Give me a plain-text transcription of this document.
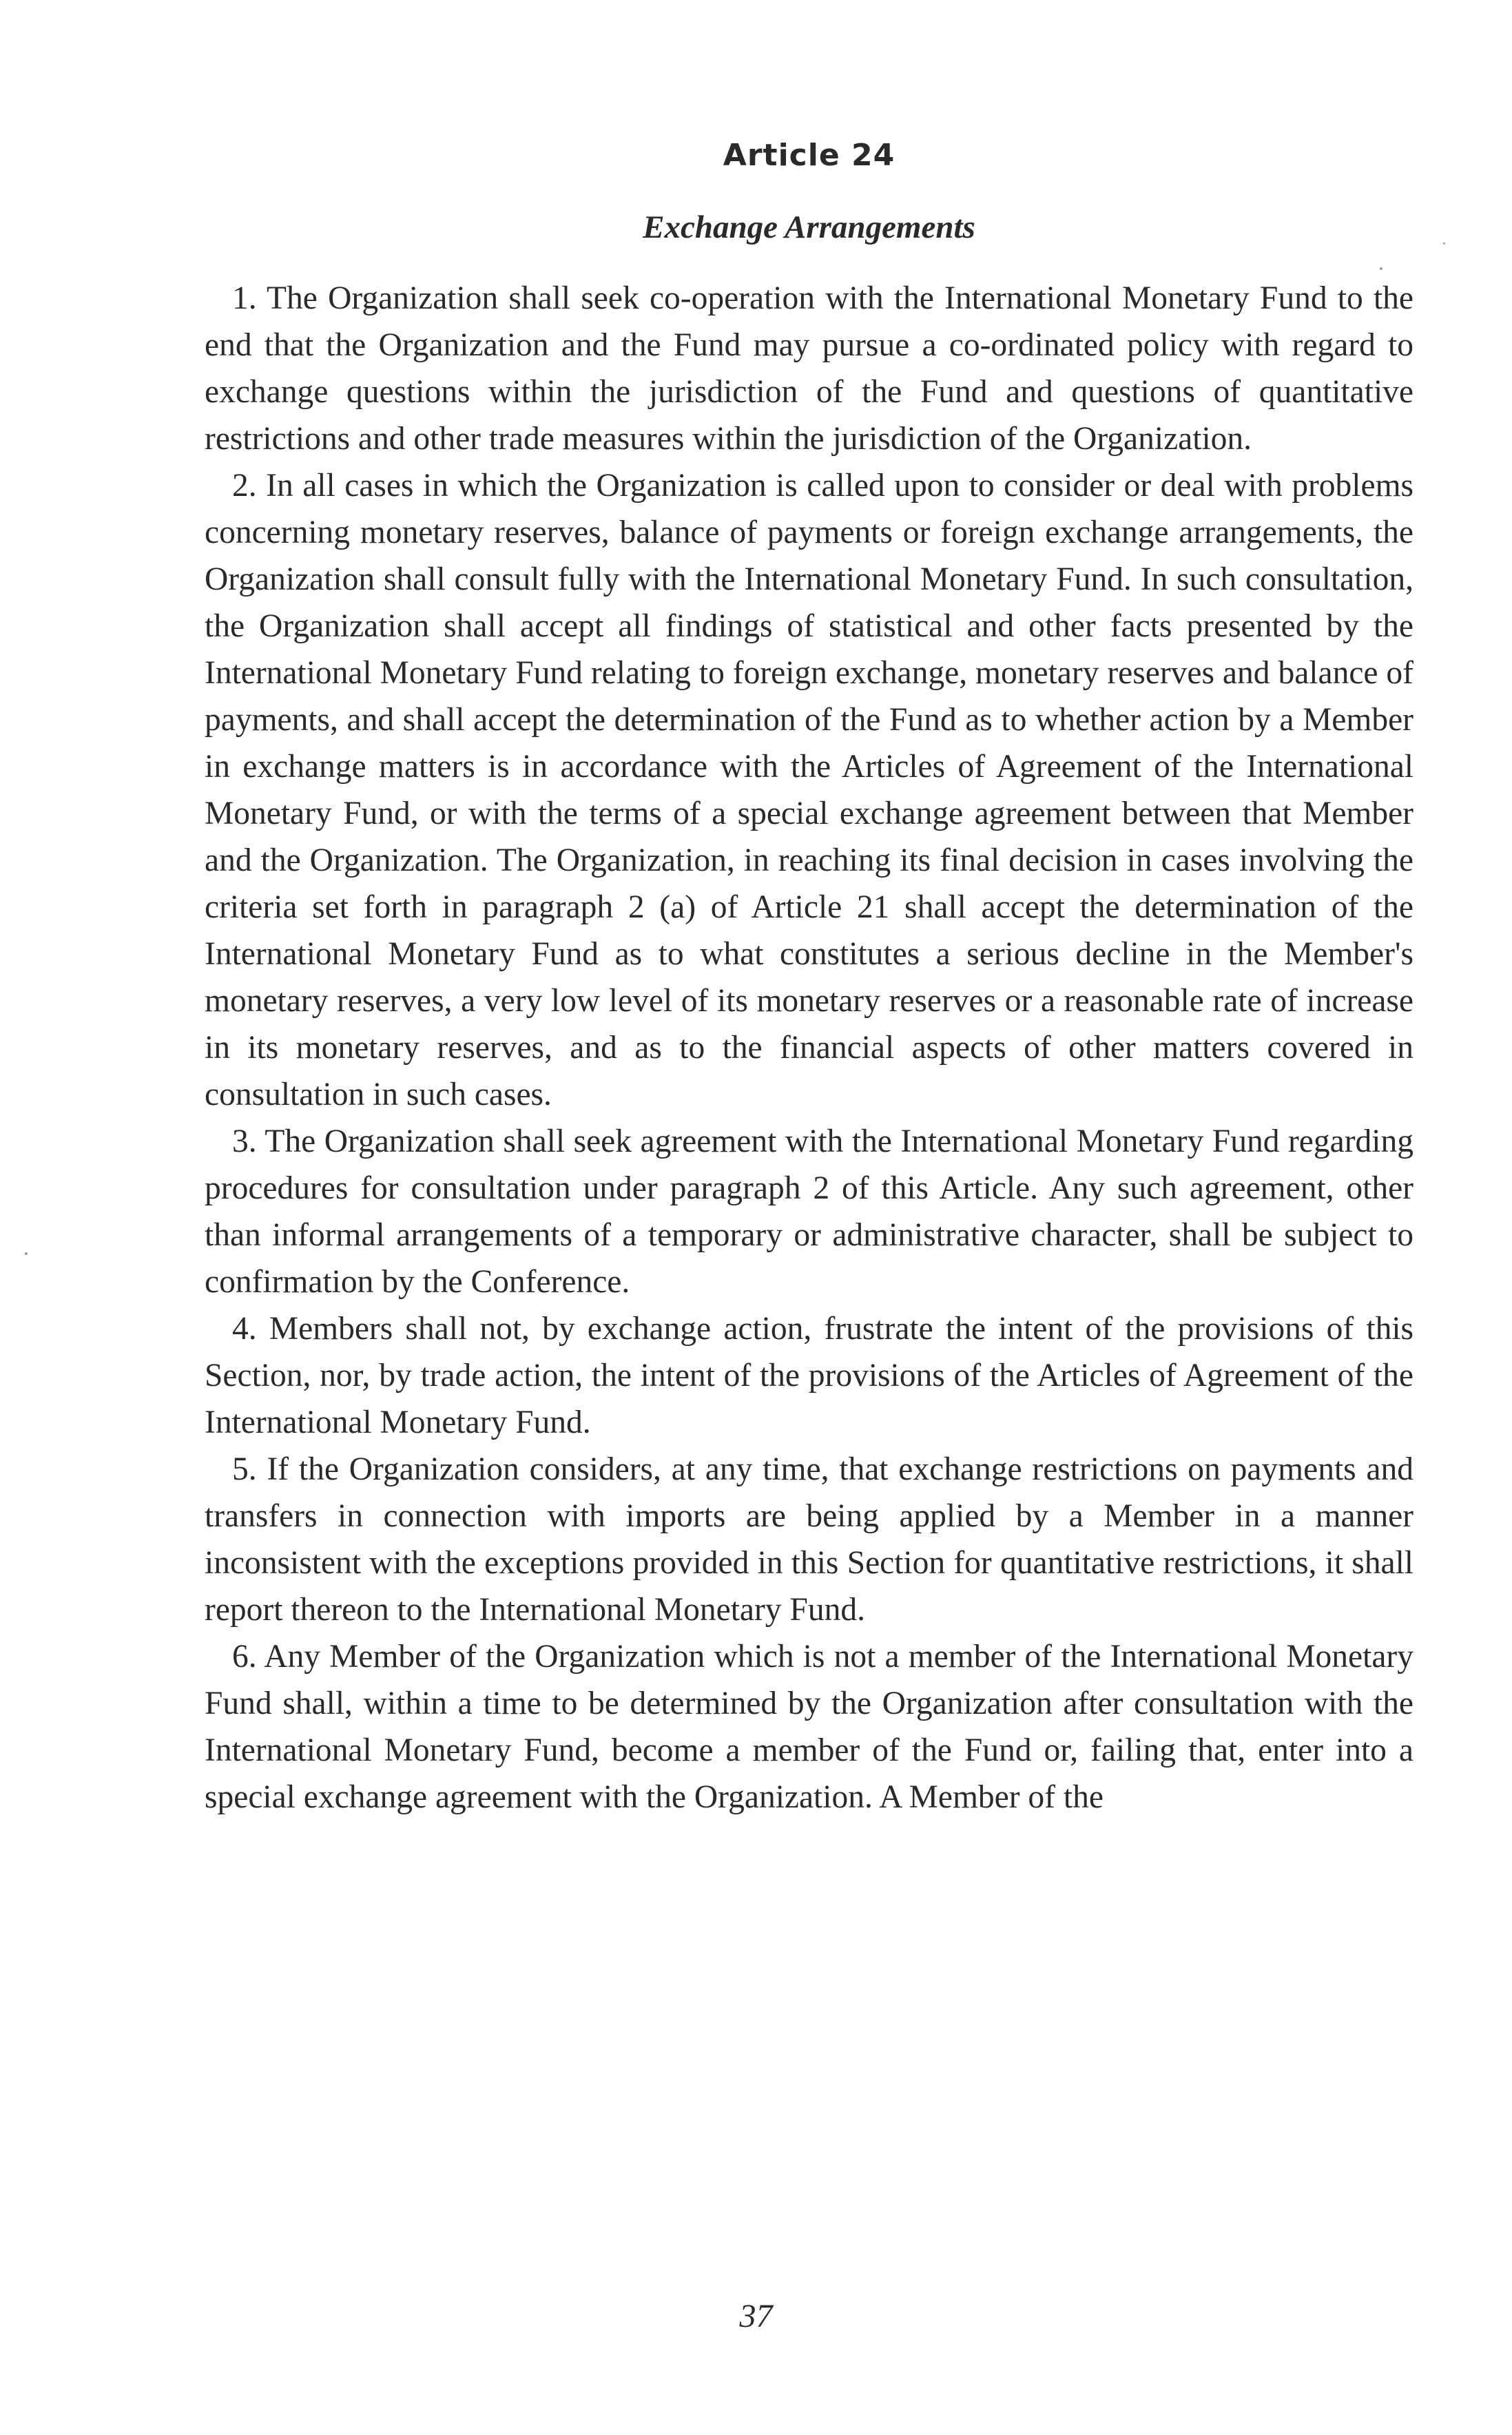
Article 24
Exchange Arrangements

1. The Organization shall seek co-operation with the International Monetary Fund to the end that the Organization and the Fund may pursue a co-ordinated policy with regard to exchange questions within the jurisdiction of the Fund and questions of quantitative restrictions and other trade measures within the jurisdiction of the Organization.

2. In all cases in which the Organization is called upon to consider or deal with problems concerning monetary reserves, balance of payments or foreign exchange arrangements, the Organization shall consult fully with the International Monetary Fund. In such consultation, the Organization shall accept all findings of statistical and other facts presented by the International Monetary Fund relating to foreign exchange, monetary reserves and balance of payments, and shall accept the determination of the Fund as to whether action by a Member in exchange matters is in accordance with the Articles of Agreement of the International Monetary Fund, or with the terms of a special exchange agreement between that Member and the Organization. The Organization, in reaching its final decision in cases involving the criteria set forth in paragraph 2 (a) of Article 21 shall accept the determination of the International Monetary Fund as to what constitutes a serious decline in the Member's monetary reserves, a very low level of its monetary reserves or a reasonable rate of increase in its monetary reserves, and as to the financial aspects of other matters covered in consultation in such cases.

3. The Organization shall seek agreement with the International Monetary Fund regarding procedures for consultation under paragraph 2 of this Article. Any such agreement, other than informal arrangements of a temporary or administrative character, shall be subject to confirmation by the Conference.

4. Members shall not, by exchange action, frustrate the intent of the provisions of this Section, nor, by trade action, the intent of the provisions of the Articles of Agreement of the International Monetary Fund.

5. If the Organization considers, at any time, that exchange restrictions on payments and transfers in connection with imports are being applied by a Member in a manner inconsistent with the exceptions provided in this Section for quantitative restrictions, it shall report thereon to the International Monetary Fund.

6. Any Member of the Organization which is not a member of the International Monetary Fund shall, within a time to be determined by the Organization after consultation with the International Monetary Fund, become a member of the Fund or, failing that, enter into a special exchange agreement with the Organization. A Member of the

37
